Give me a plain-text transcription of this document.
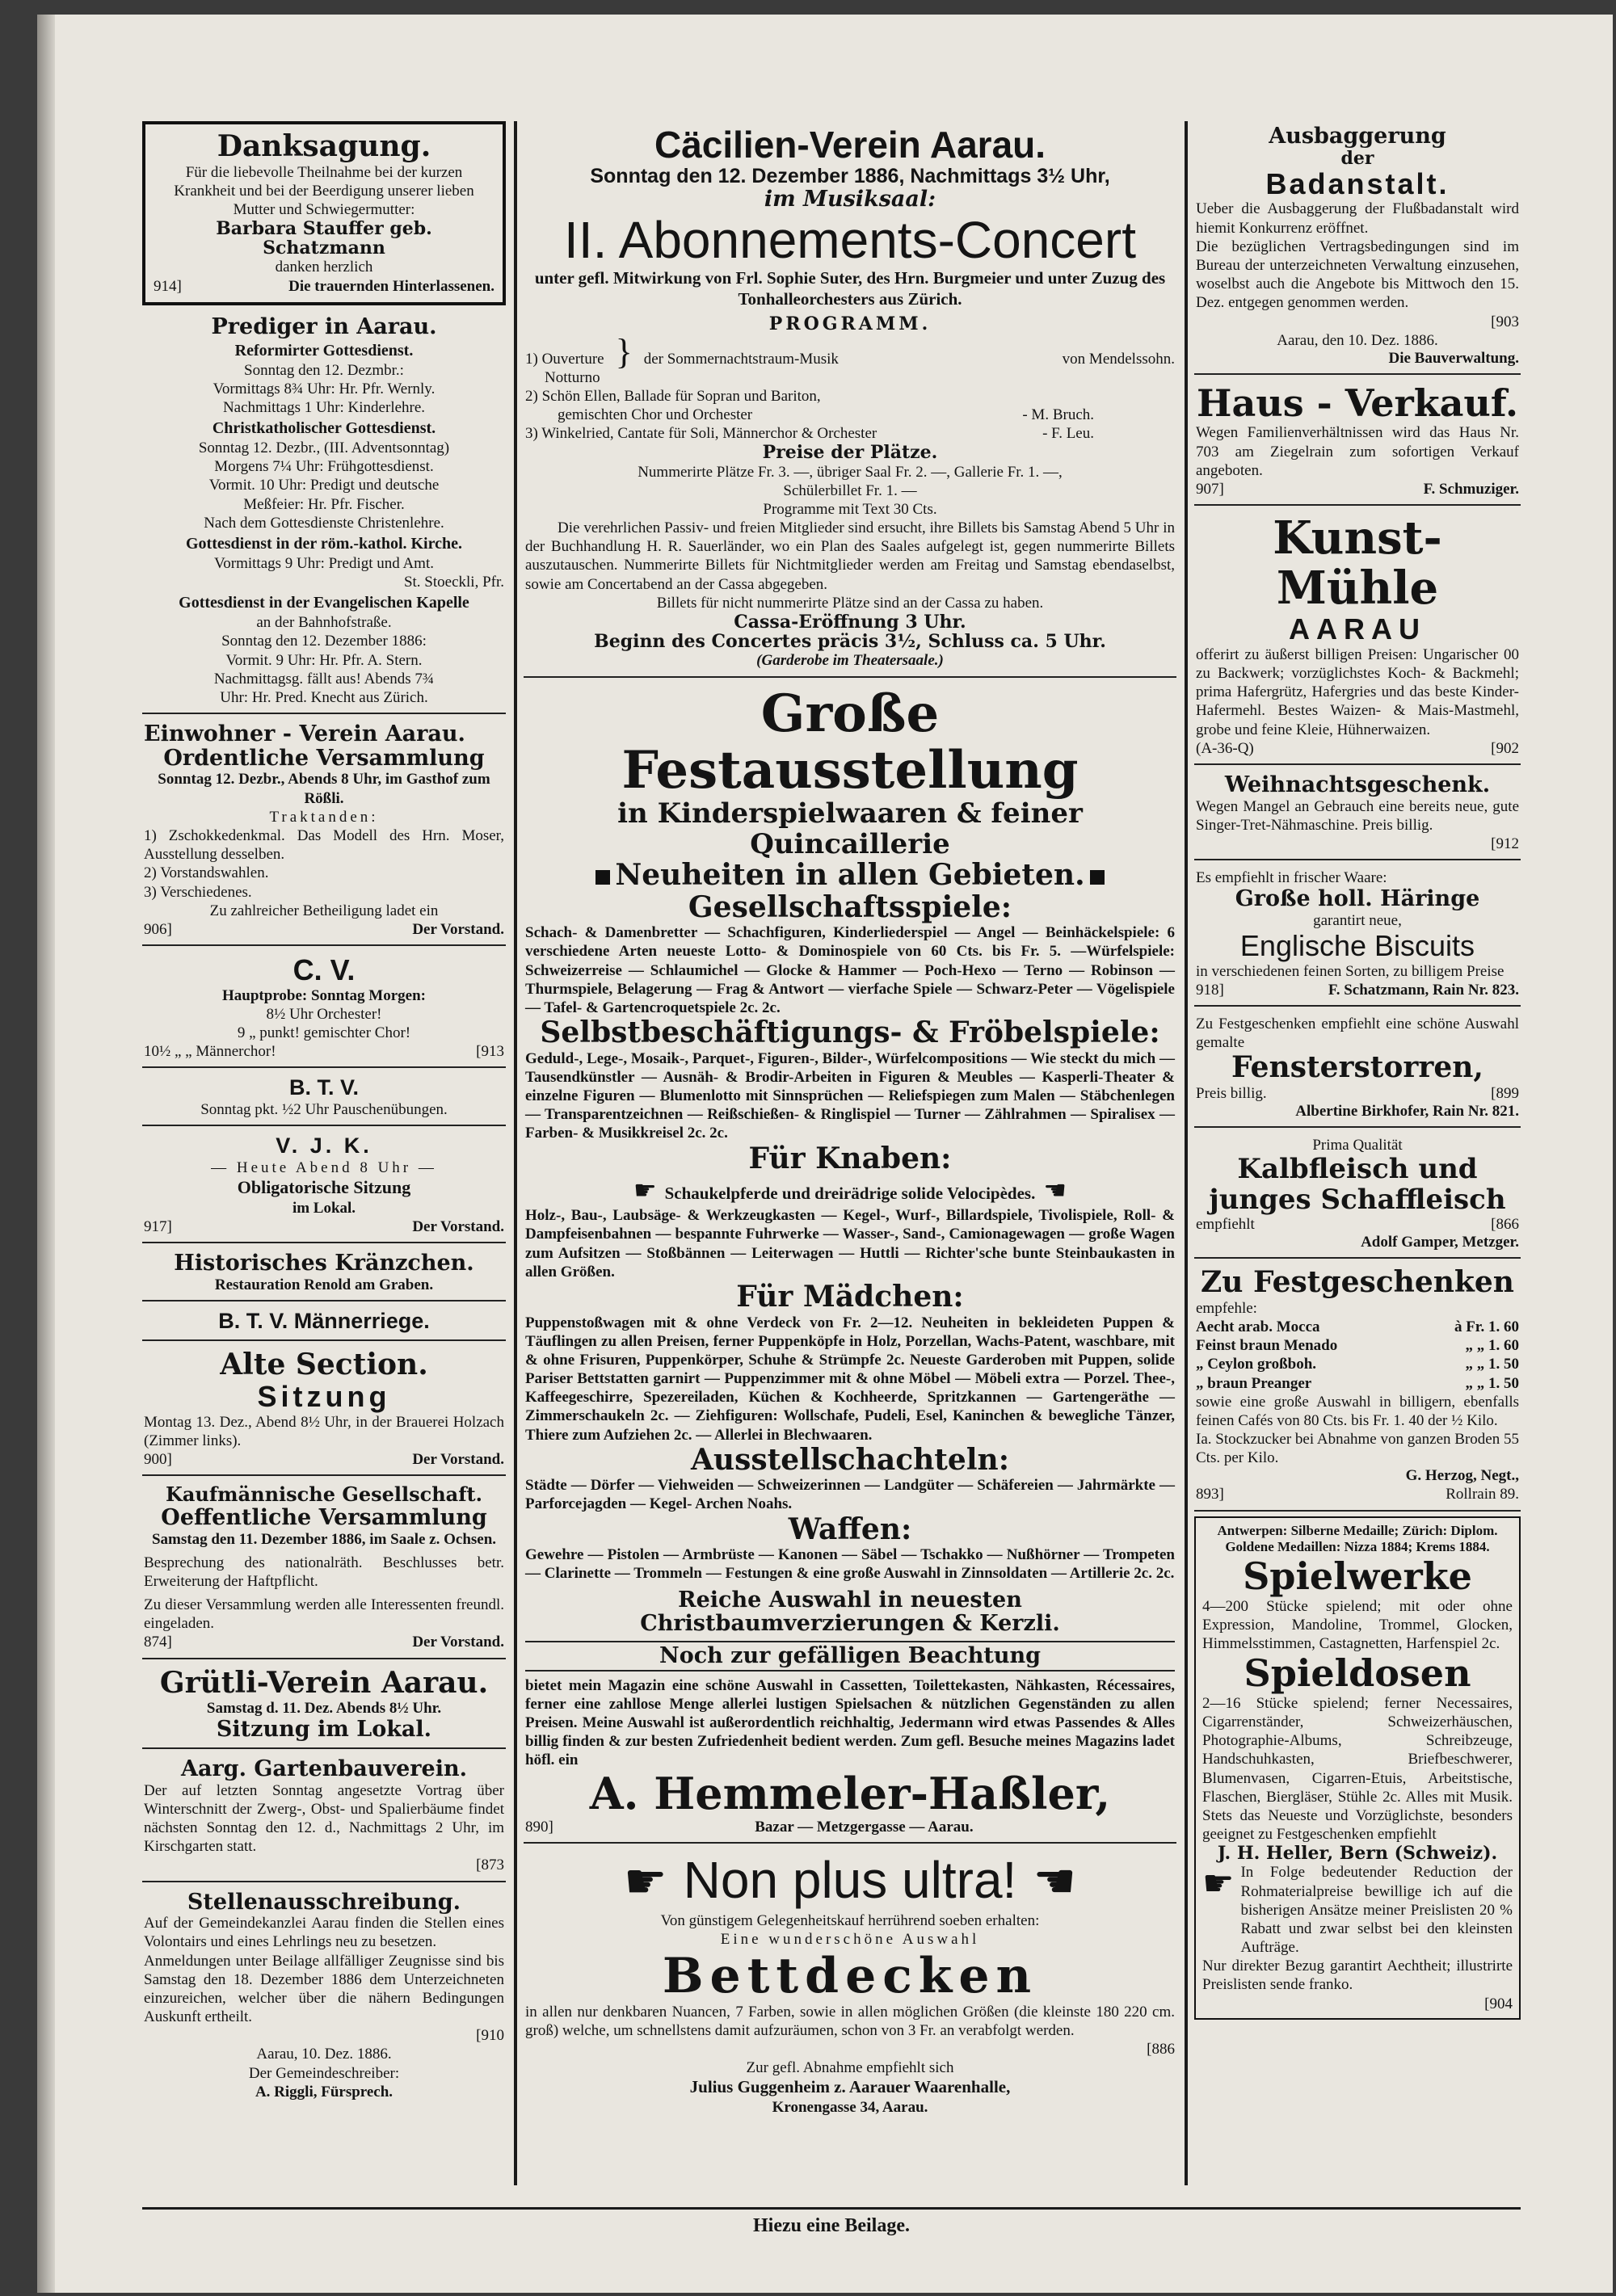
Danksagung.

Für die liebevolle Theilnahme bei der kurzen Krankheit und bei der Beerdigung unserer lieben Mutter und Schwiegermutter:

Barbara Stauffer geb. Schatzmann

danken herzlich

914]	Die trauernden Hinterlassenen.
Prediger in Aarau.
Reformirter Gottesdienst.

Sonntag den 12. Dezmbr.:

Vormittags 8¾ Uhr: Hr. Pfr. Wernly.

Nachmittags 1 Uhr: Kinderlehre.

Christkatholischer Gottesdienst.

Sonntag 12. Dezbr., (III. Adventsonntag)

Morgens 7¼ Uhr: Frühgottesdienst.

Vormit. 10 Uhr: Predigt und deutsche

Meßfeier: Hr. Pfr. Fischer.

Nach dem Gottesdienste Christenlehre.

Gottesdienst in der röm.-kathol. Kirche.

Vormittags 9 Uhr: Predigt und Amt.

St. Stoeckli, Pfr.

Gottesdienst in der Evangelischen Kapelle

an der Bahnhofstraße.

Sonntag den 12. Dezember 1886:

Vormit. 9 Uhr: Hr. Pfr. A. Stern.

Nachmittagsg. fällt aus! Abends 7¾

Uhr: Hr. Pred. Knecht aus Zürich.

Einwohner - Verein Aarau.
Ordentliche Versammlung

Sonntag 12. Dezbr., Abends 8 Uhr, im Gasthof zum Rößli.

Traktanden:

1) Zschokkedenkmal. Das Modell des Hrn. Moser, Ausstellung desselben.

2) Vorstandswahlen.

3) Verschiedenes.

Zu zahlreicher Betheiligung ladet ein

906]	Der Vorstand.
C. V.

Hauptprobe: Sonntag Morgen:

8½ Uhr Orchester!

9 „ punkt! gemischter Chor!

10½ „ „ Männerchor!	[913
B. T. V.

Sonntag pkt. ½2 Uhr Pauschenübungen.

V. J. K.

— Heute Abend 8 Uhr —

Obligatorische Sitzung

im Lokal.

917]	Der Vorstand.
Historisches Kränzchen.

Restauration Renold am Graben.

B. T. V. Männerriege.
Alte Section.
Sitzung

Montag 13. Dez., Abend 8½ Uhr, in der Brauerei Holzach (Zimmer links).

900]	Der Vorstand.
Kaufmännische Gesellschaft.
Oeffentliche Versammlung

Samstag den 11. Dezember 1886, im Saale z. Ochsen.

Besprechung des nationalräth. Beschlusses betr. Erweiterung der Haftpflicht.

Zu dieser Versammlung werden alle Interessenten freundl. eingeladen.

874]	Der Vorstand.
Grütli-Verein Aarau.

Samstag d. 11. Dez. Abends 8½ Uhr.

Sitzung im Lokal.
Aarg. Gartenbauverein.

Der auf letzten Sonntag angesetzte Vortrag über Winterschnitt der Zwerg-, Obst- und Spalierbäume findet nächsten Sonntag den 12. d., Nachmittags 2 Uhr, im Kirschgarten statt.

[873
Stellenausschreibung.

Auf der Gemeindekanzlei Aarau finden die Stellen eines Volontairs und eines Lehrlings neu zu besetzen.

Anmeldungen unter Beilage allfälliger Zeugnisse sind bis Samstag den 18. Dezember 1886 dem Unterzeichneten einzureichen, welcher über die nähern Bedingungen Auskunft ertheilt.

[910

Aarau, 10. Dez. 1886.

Der Gemeindeschreiber:

A. Riggli, Fürsprech.

Cäcilien-Verein Aarau.
Sonntag den 12. Dezember 1886, Nachmittags 3½ Uhr,
im Musiksaal:
II. Abonnements-Concert

unter gefl. Mitwirkung von Frl. Sophie Suter, des Hrn. Burgmeier und unter Zuzug des Tonhalleorchesters aus Zürich.

PROGRAMM.
1) Ouverture
Notturno
} der Sommernachtstraum-Musik	von Mendelssohn.

2) Schön Ellen, Ballade für Sopran und Bariton,

gemischten Chor und Orchester	- M. Bruch.
3) Winkelried, Cantate für Soli, Männerchor & Orchester	- F. Leu.
Preise der Plätze.

Nummerirte Plätze Fr. 3. —, übriger Saal Fr. 2. —, Gallerie Fr. 1. —,

Schülerbillet Fr. 1. —

Programme mit Text 30 Cts.

Die verehrlichen Passiv- und freien Mitglieder sind ersucht, ihre Billets bis Samstag Abend 5 Uhr in der Buchhandlung H. R. Sauerländer, wo ein Plan des Saales aufgelegt ist, gegen nummerirte Billets auszutauschen. Nummerirte Billets für Nichtmitglieder werden am Freitag und Samstag ebendaselbst, sowie am Concertabend an der Cassa abgegeben.

Billets für nicht nummerirte Plätze sind an der Cassa zu haben.

Cassa-Eröffnung 3 Uhr.
Beginn des Concertes präcis 3½, Schluss ca. 5 Uhr.

(Garderobe im Theatersaale.)

Große Festausstellung
in Kinderspielwaaren & feiner Quincaillerie
Neuheiten in allen Gebieten.
Gesellschaftsspiele:

Schach- & Damenbretter — Schachfiguren, Kinderliederspiel — Angel — Beinhäckelspiele: 6 verschiedene Arten neueste Lotto- & Dominospiele von 60 Cts. bis Fr. 5. —Würfelspiele: Schweizerreise — Schlaumichel — Glocke & Hammer — Poch-Hexo — Terno — Robinson — Thurmspiele, Belagerung — Frag & Antwort — vierfache Spiele — Schwarz-Peter — Vögelispiele — Tafel- & Gartencroquetspiele 2c. 2c.

Selbstbeschäftigungs- & Fröbelspiele:

Geduld-, Lege-, Mosaik-, Parquet-, Figuren-, Bilder-, Würfelcompositions — Wie steckt du mich — Tausendkünstler — Ausnäh- & Brodir-Arbeiten in Figuren & Meubles — Kasperli-Theater & einzelne Figuren — Blumenlotto mit Sinnsprüchen — Reliefspiegen zum Malen — Stäbchenlegen — Transparentzeichnen — Reißschießen- & Ringlispiel — Turner — Zählrahmen — Spiralisex — Farben- & Musikkreisel 2c. 2c.

Für Knaben:
☛ Schaukelpferde und dreirädrige solide Velocipèdes. ☚

Holz-, Bau-, Laubsäge- & Werkzeugkasten — Kegel-, Wurf-, Billardspiele, Tivolispiele, Roll- & Dampfeisenbahnen — bespannte Fuhrwerke — Wasser-, Sand-, Camionagewagen — große Wagen zum Aufsitzen — Stoßbännen — Leiterwagen — Huttli — Richter'sche bunte Steinbaukasten in allen Größen.

Für Mädchen:

Puppenstoßwagen mit & ohne Verdeck von Fr. 2—12. Neuheiten in bekleideten Puppen & Täuflingen zu allen Preisen, ferner Puppenköpfe in Holz, Porzellan, Wachs-Patent, waschbare, mit & ohne Frisuren, Puppenkörper, Schuhe & Strümpfe 2c. Neueste Garderoben mit Puppen, solide Pariser Bettstatten garnirt — Puppenzimmer mit & ohne Möbel — Möbeli extra — Porzel. Thee-, Kaffeegeschirre, Spezereiladen, Küchen & Kochheerde, Spritzkannen — Gartengeräthe — Zimmerschaukeln 2c. — Ziehfiguren: Wollschafe, Pudeli, Esel, Kaninchen & bewegliche Tänzer, Thiere zum Aufziehen 2c. — Allerlei in Blechwaaren.

Ausstellschachteln:

Städte — Dörfer — Viehweiden — Schweizerinnen — Landgüter — Schäfereien — Jahrmärkte — Parforcejagden — Kegel- Archen Noahs.

Waffen:

Gewehre — Pistolen — Armbrüste — Kanonen — Säbel — Tschakko — Nußhörner — Trompeten — Clarinette — Trommeln — Festungen & eine große Auswahl in Zinnsoldaten — Artillerie 2c. 2c.

Reiche Auswahl in neuesten Christbaumverzierungen & Kerzli.
Noch zur gefälligen Beachtung

bietet mein Magazin eine schöne Auswahl in Cassetten, Toilettekasten, Nähkasten, Récessaires, ferner eine zahllose Menge allerlei lustigen Spielsachen & nützlichen Gegenständen zu allen Preisen. Meine Auswahl ist außerordentlich reichhaltig, Jedermann wird etwas Passendes & Alles billig finden & zur besten Zufriedenheit bedient werden. Zum gefl. Besuche meines Magazins ladet höfl. ein

A. Hemmeler-Haßler,
890]	Bazar — Metzgergasse — Aarau.
☛ Non plus ultra! ☚

Von günstigem Gelegenheitskauf herrührend soeben erhalten:

Eine wunderschöne Auswahl

Bettdecken

in allen nur denkbaren Nuancen, 7 Farben, sowie in allen möglichen Größen (die kleinste 180 220 cm. groß) welche, um schnellstens damit aufzuräumen, schon von 3 Fr. an verabfolgt werden.

[886

Zur gefl. Abnahme empfiehlt sich

Julius Guggenheim z. Aarauer Waarenhalle,

Kronengasse 34, Aarau.

Ausbaggerung
der
Badanstalt.

Ueber die Ausbaggerung der Flußbadanstalt wird hiemit Konkurrenz eröffnet.

Die bezüglichen Vertragsbedingungen sind im Bureau der unterzeichneten Verwaltung einzusehen, woselbst auch die Angebote bis Mittwoch den 15. Dez. entgegen genommen werden.

[903

Aarau, den 10. Dez. 1886.

Die Bauverwaltung.
Haus - Verkauf.

Wegen Familienverhältnissen wird das Haus Nr. 703 am Ziegelrain zum sofortigen Verkauf angeboten.

907]	F. Schmuziger.
Kunst-Mühle
AARAU

offerirt zu äußerst billigen Preisen: Ungarischer 00 zu Backwerk; vorzüglichstes Koch- & Backmehl; prima Hafergrütz, Hafergries und das beste Kinder-Hafermehl. Bestes Waizen- & Mais-Mastmehl, grobe und feine Kleie, Hühnerwaizen.

(A-36-Q)	[902
Weihnachtsgeschenk.

Wegen Mangel an Gebrauch eine bereits neue, gute Singer-Tret-Nähmaschine. Preis billig.

[912

Es empfiehlt in frischer Waare:

Große holl. Häringe

garantirt neue,

Englische Biscuits

in verschiedenen feinen Sorten, zu billigem Preise

918]	F. Schatzmann, Rain Nr. 823.

Zu Festgeschenken empfiehlt eine schöne Auswahl gemalte

Fensterstorren,
Preis billig.	[899
Albertine Birkhofer, Rain Nr. 821.

Prima Qualität

Kalbfleisch und
junges Schaffleisch
empfiehlt	[866
Adolf Gamper, Metzger.
Zu Festgeschenken

empfehle:

Aecht arab. Mocca	à Fr. 1. 60
Feinst braun Menado	„ „ 1. 60
„ Ceylon großboh.	„ „ 1. 50
„ braun Preanger	„ „ 1. 50

sowie eine große Auswahl in billigern, ebenfalls feinen Cafés von 80 Cts. bis Fr. 1. 40 der ½ Kilo.

Ia. Stockzucker bei Abnahme von ganzen Broden 55 Cts. per Kilo.

G. Herzog, Negt.,
893]	Rollrain 89.

Antwerpen: Silberne Medaille; Zürich: Diplom. Goldene Medaillen: Nizza 1884; Krems 1884.

Spielwerke

4—200 Stücke spielend; mit oder ohne Expression, Mandoline, Trommel, Glocken, Himmelsstimmen, Castagnetten, Harfenspiel 2c.

Spieldosen

2—16 Stücke spielend; ferner Necessaires, Cigarrenständer, Schweizerhäuschen, Photographie-Albums, Schreibzeuge, Handschuhkasten, Briefbeschwerer, Blumenvasen, Cigarren-Etuis, Arbeitstische, Flaschen, Biergläser, Stühle 2c. Alles mit Musik. Stets das Neueste und Vorzüglichste, besonders geeignet zu Festgeschenken empfiehlt

J. H. Heller, Bern (Schweiz).
☛ In Folge bedeutender Reduction der Rohmaterialpreise bewillige ich auf die bisherigen Ansätze meiner Preislisten 20 % Rabatt und zwar selbst bei den kleinsten Aufträge.

Nur direkter Bezug garantirt Aechtheit; illustrirte Preislisten sende franko.

[904
Hiezu eine Beilage.
